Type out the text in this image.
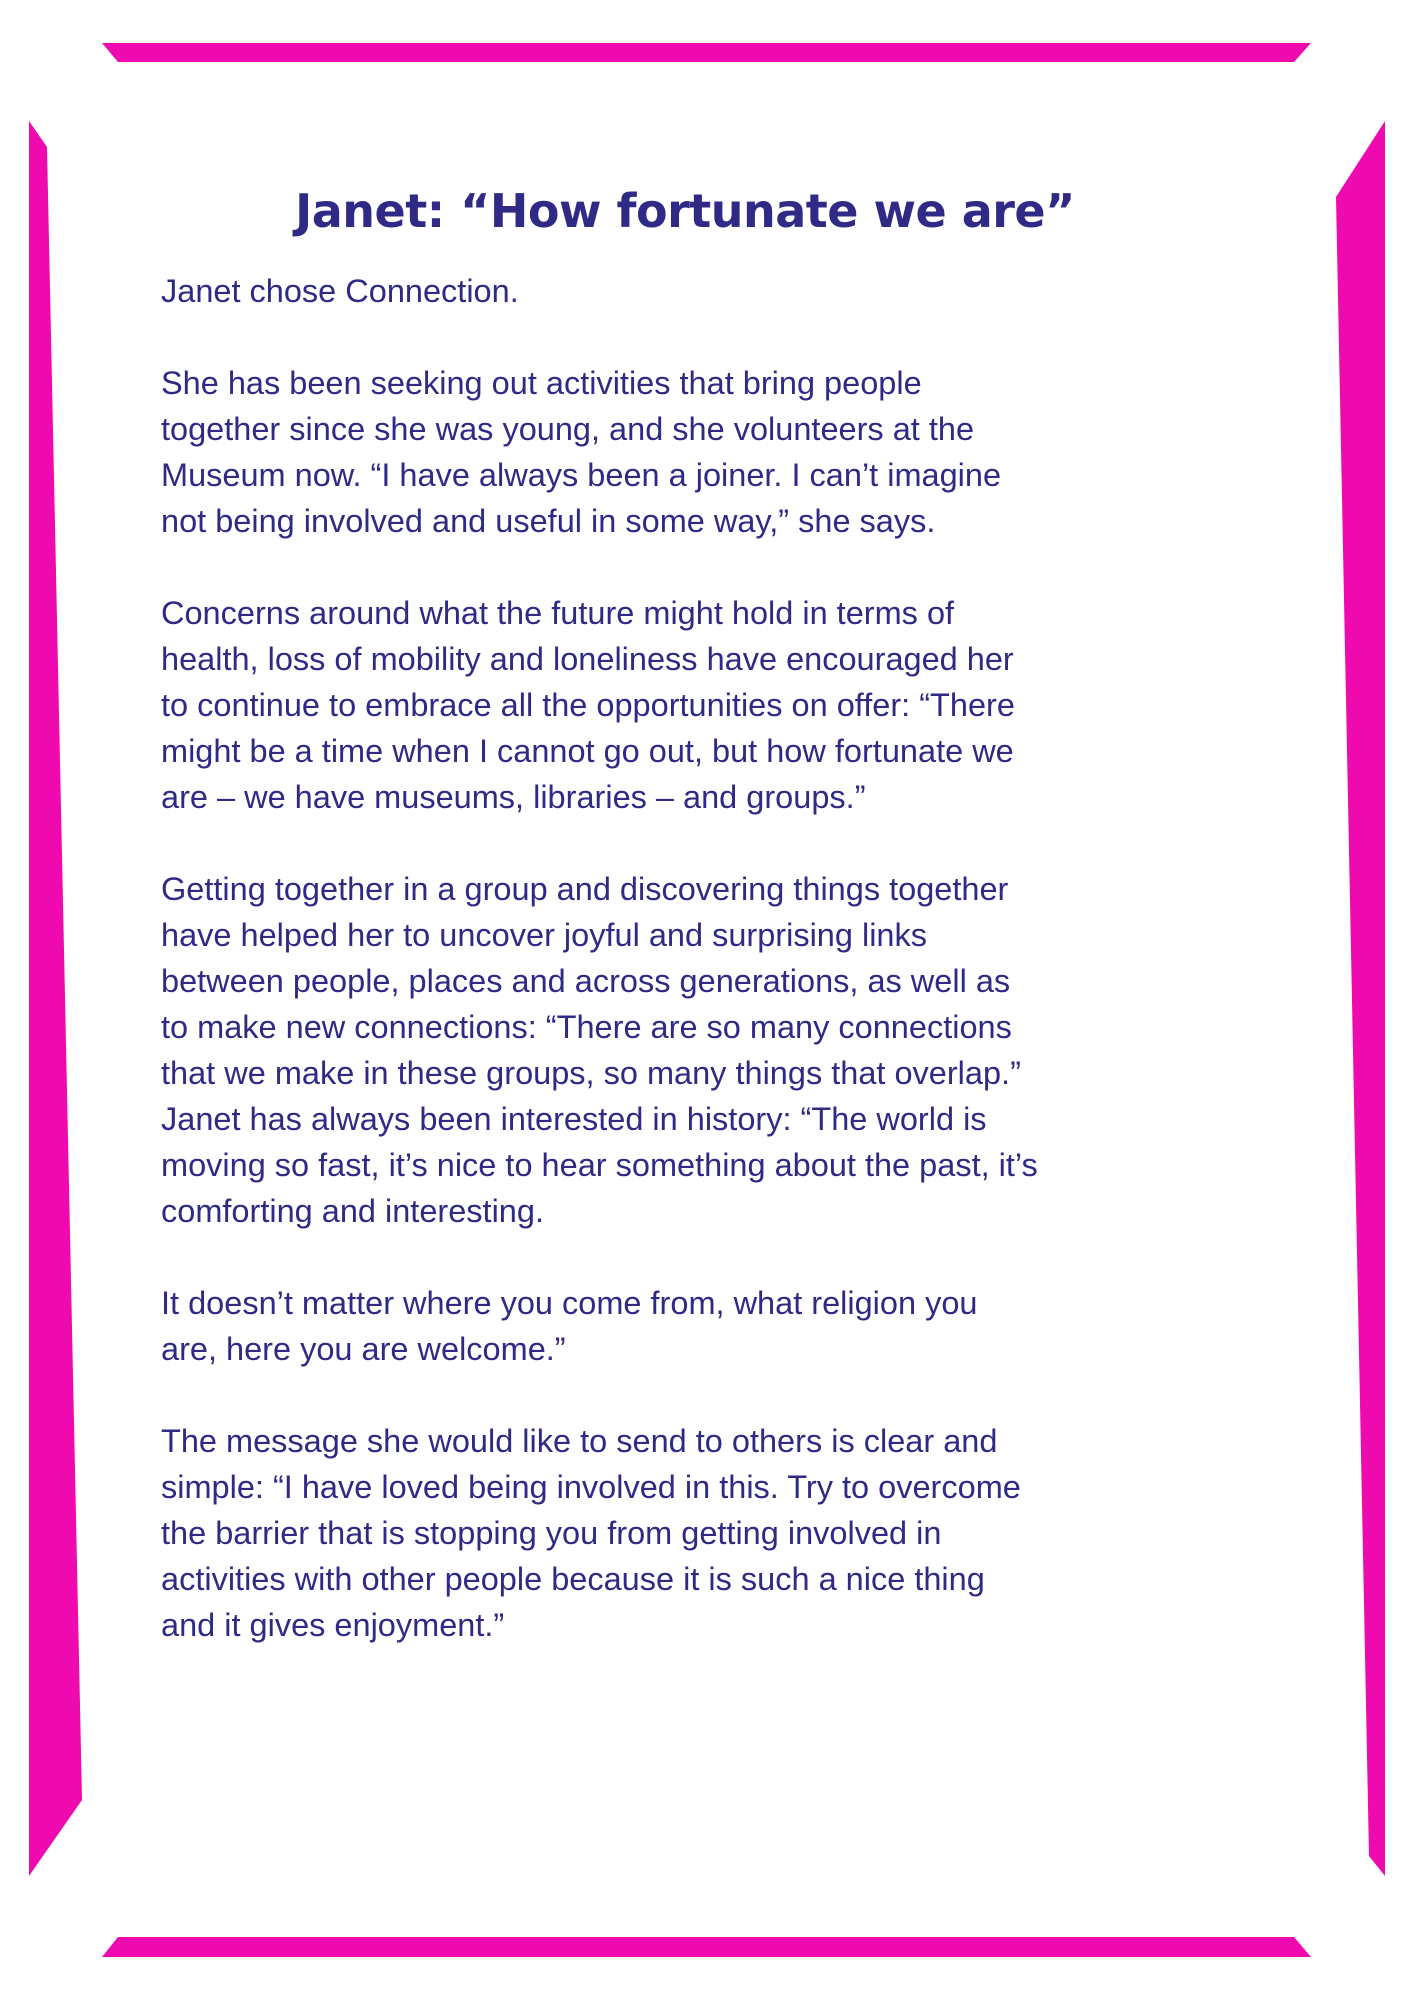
Janet: “How fortunate we are”

Janet chose Connection.

She has been seeking out activities that bring people
together since she was young, and she volunteers at the
Museum now. “I have always been a joiner. I can’t imagine
not being involved and useful in some way,” she says.

Concerns around what the future might hold in terms of
health, loss of mobility and loneliness have encouraged her
to continue to embrace all the opportunities on offer: “There
might be a time when I cannot go out, but how fortunate we
are – we have museums, libraries – and groups.”

Getting together in a group and discovering things together
have helped her to uncover joyful and surprising links
between people, places and across generations, as well as
to make new connections: “There are so many connections
that we make in these groups, so many things that overlap.”
Janet has always been interested in history: “The world is
moving so fast, it’s nice to hear something about the past, it’s
comforting and interesting.

It doesn’t matter where you come from, what religion you
are, here you are welcome.”

The message she would like to send to others is clear and
simple: “I have loved being involved in this. Try to overcome
the barrier that is stopping you from getting involved in
activities with other people because it is such a nice thing
and it gives enjoyment.”
